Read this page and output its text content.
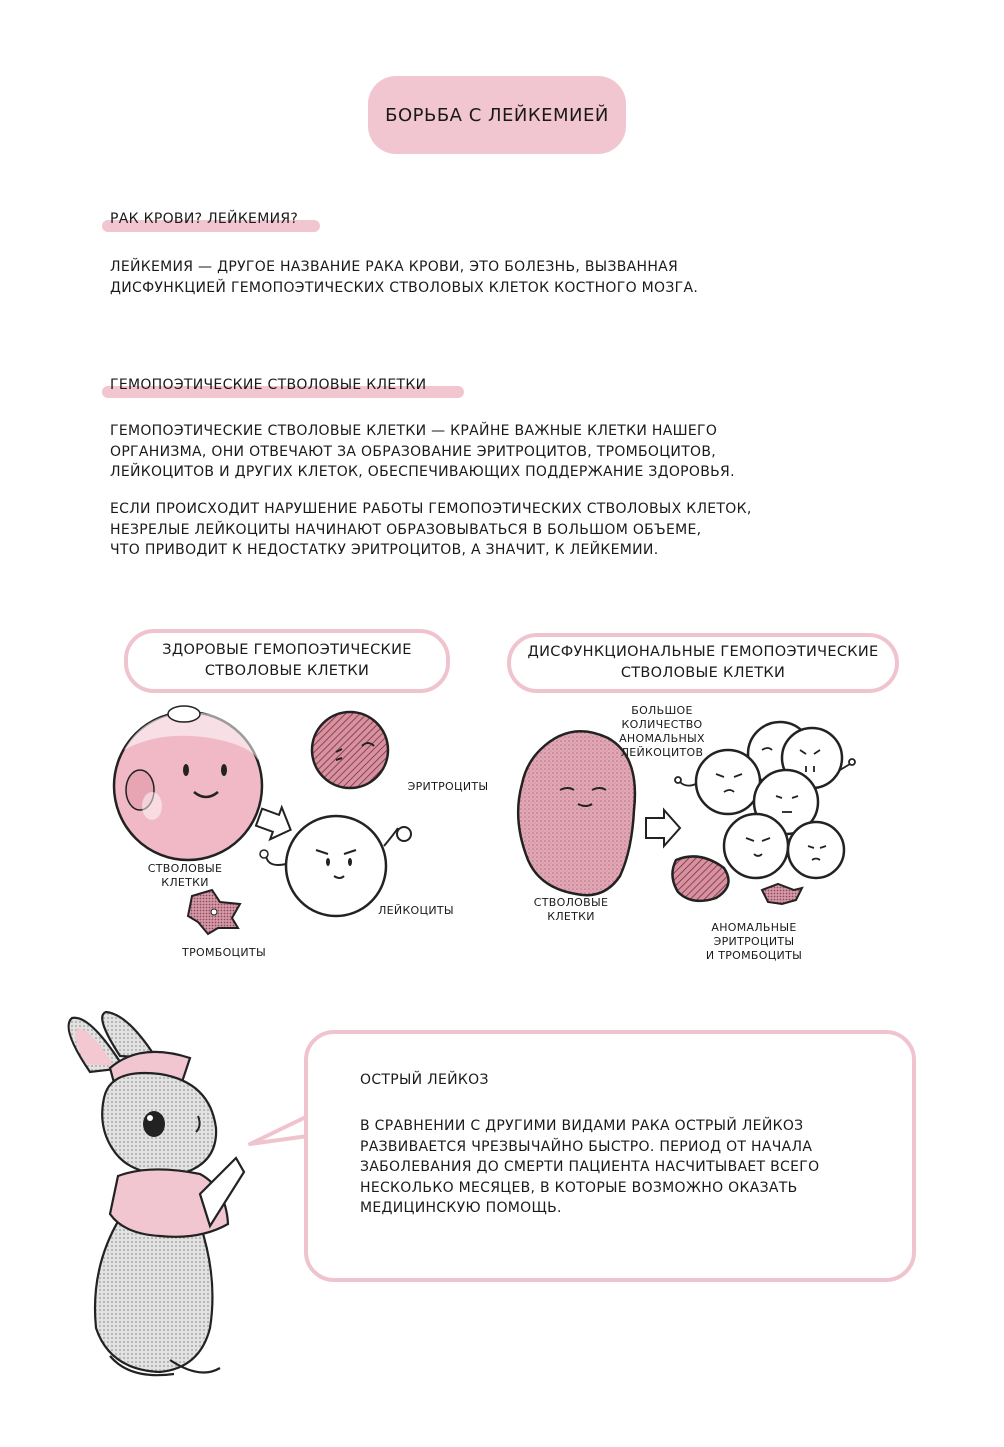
БОРЬБА С ЛЕЙКЕМИЕЙ
РАК КРОВИ? ЛЕЙКЕМИЯ?

ЛЕЙКЕМИЯ — ДРУГОЕ НАЗВАНИЕ РАКА КРОВИ, ЭТО БОЛЕЗНЬ, ВЫЗВАННАЯ

ДИСФУНКЦИЕЙ ГЕМОПОЭТИЧЕСКИХ СТВОЛОВЫХ КЛЕТОК КОСТНОГО МОЗГА.

ГЕМОПОЭТИЧЕСКИЕ СТВОЛОВЫЕ КЛЕТКИ

ГЕМОПОЭТИЧЕСКИЕ СТВОЛОВЫЕ КЛЕТКИ — КРАЙНЕ ВАЖНЫЕ КЛЕТКИ НАШЕГО

ОРГАНИЗМА, ОНИ ОТВЕЧАЮТ ЗА ОБРАЗОВАНИЕ ЭРИТРОЦИТОВ, ТРОМБОЦИТОВ,

ЛЕЙКОЦИТОВ И ДРУГИХ КЛЕТОК, ОБЕСПЕЧИВАЮЩИХ ПОДДЕРЖАНИЕ ЗДОРОВЬЯ.

ЕСЛИ ПРОИСХОДИТ НАРУШЕНИЕ РАБОТЫ ГЕМОПОЭТИЧЕСКИХ СТВОЛОВЫХ КЛЕТОК,

НЕЗРЕЛЫЕ ЛЕЙКОЦИТЫ НАЧИНАЮТ ОБРАЗОВЫВАТЬСЯ В БОЛЬШОМ ОБЪЕМЕ,

ЧТО ПРИВОДИТ К НЕДОСТАТКУ ЭРИТРОЦИТОВ, А ЗНАЧИТ, К ЛЕЙКЕМИИ.

ЗДОРОВЫЕ ГЕМОПОЭТИЧЕСКИЕ
СТВОЛОВЫЕ КЛЕТКИ
ДИСФУНКЦИОНАЛЬНЫЕ ГЕМОПОЭТИЧЕСКИЕ
СТВОЛОВЫЕ КЛЕТКИ
СТВОЛОВЫЕ
КЛЕТКИ
ЭРИТРОЦИТЫ
ЛЕЙКОЦИТЫ
ТРОМБОЦИТЫ
БОЛЬШОЕ КОЛИЧЕСТВО
АНОМАЛЬНЫХ
ЛЕЙКОЦИТОВ
СТВОЛОВЫЕ
КЛЕТКИ
АНОМАЛЬНЫЕ ЭРИТРОЦИТЫ
И ТРОМБОЦИТЫ
ОСТРЫЙ ЛЕЙКОЗ

В СРАВНЕНИИ С ДРУГИМИ ВИДАМИ РАКА ОСТРЫЙ ЛЕЙКОЗ

РАЗВИВАЕТСЯ ЧРЕЗВЫЧАЙНО БЫСТРО. ПЕРИОД ОТ НАЧАЛА

ЗАБОЛЕВАНИЯ ДО СМЕРТИ ПАЦИЕНТА НАСЧИТЫВАЕТ ВСЕГО

НЕСКОЛЬКО МЕСЯЦЕВ, В КОТОРЫЕ ВОЗМОЖНО ОКАЗАТЬ

МЕДИЦИНСКУЮ ПОМОЩЬ.
